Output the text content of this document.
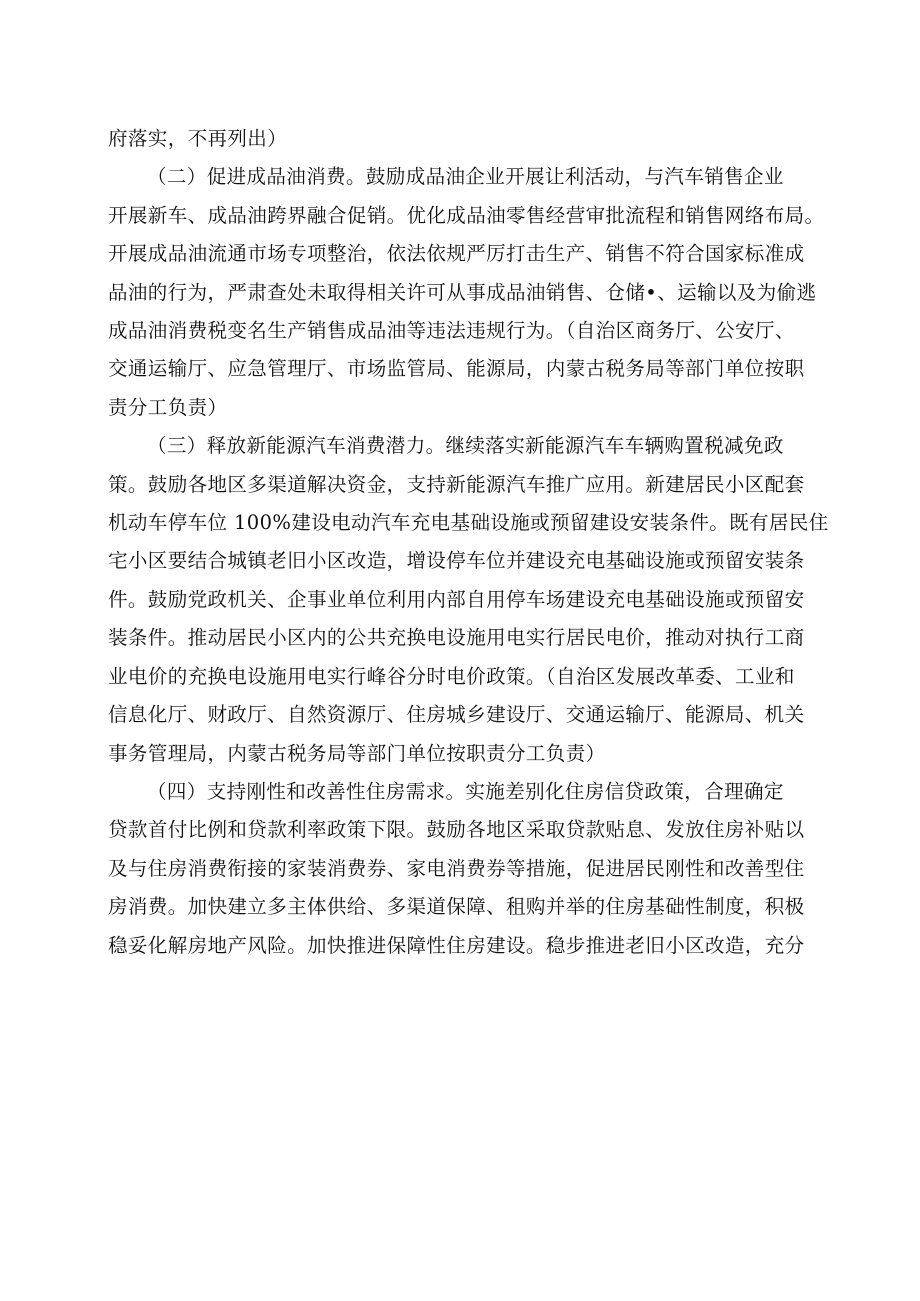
府落实，不再列出）

（二）促进成品油消费。鼓励成品油企业开展让利活动，与汽车销售企业
开展新车、成品油跨界融合促销。优化成品油零售经营审批流程和销售网络布局。
开展成品油流通市场专项整治，依法依规严厉打击生产、销售不符合国家标准成
品油的行为，严肃查处未取得相关许可从事成品油销售、仓储•、运输以及为偷逃
成品油消费税变名生产销售成品油等违法违规行为。（自治区商务厅、公安厅、
交通运输厅、应急管理厅、市场监管局、能源局，内蒙古税务局等部门单位按职
责分工负责）

（三）释放新能源汽车消费潜力。继续落实新能源汽车车辆购置税减免政
策。鼓励各地区多渠道解决资金，支持新能源汽车推广应用。新建居民小区配套
机动车停车位 100%建设电动汽车充电基础设施或预留建设安装条件。既有居民住
宅小区要结合城镇老旧小区改造，增设停车位并建设充电基础设施或预留安装条
件。鼓励党政机关、企事业单位利用内部自用停车场建设充电基础设施或预留安
装条件。推动居民小区内的公共充换电设施用电实行居民电价，推动对执行工商
业电价的充换电设施用电实行峰谷分时电价政策。（自治区发展改革委、工业和
信息化厅、财政厅、自然资源厅、住房城乡建设厅、交通运输厅、能源局、机关
事务管理局，内蒙古税务局等部门单位按职责分工负责）

（四）支持刚性和改善性住房需求。实施差别化住房信贷政策，合理确定
贷款首付比例和贷款利率政策下限。鼓励各地区采取贷款贴息、发放住房补贴以
及与住房消费衔接的家装消费券、家电消费券等措施，促进居民刚性和改善型住
房消费。加快建立多主体供给、多渠道保障、租购并举的住房基础性制度，积极
稳妥化解房地产风险。加快推进保障性住房建设。稳步推进老旧小区改造，充分
